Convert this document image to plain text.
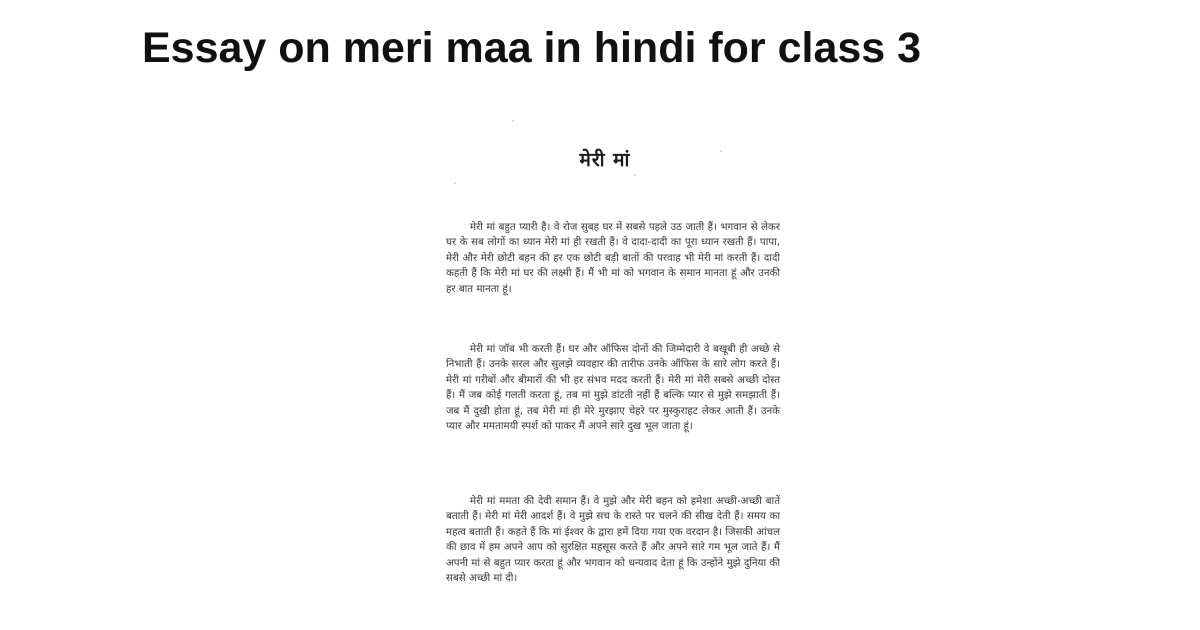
Essay on meri maa in hindi for class 3
मेरी मां

मेरी मां बहुत प्यारी है। वे रोज सुबह घर में सबसे पहले उठ जाती हैं। भगवान से लेकर घर के सब लोगों का ध्यान मेरी मां ही रखती हैं। वे दादा-दादी का पूरा ध्यान रखती हैं। पापा, मेरी और मेरी छोटी बहन की हर एक छोटी बड़ी बातों की परवाह भी मेरी मां करती हैं। दादी कहती हैं कि मेरी मां घर की लक्ष्मी हैं। मैं भी मां को भगवान के समान मानता हूं और उनकी हर बात मानता हूं।

मेरी मां जॉब भी करती हैं। घर और ऑफिस दोनों की जिम्मेदारी वे बखूबी ही अच्छे से निभाती हैं। उनके सरल और सुलझे व्यवहार की तारीफ उनके ऑफिस के सारे लोग करते हैं। मेरी मां गरीबों और बीमारों की भी हर संभव मदद करती हैं। मेरी मां मेरी सबसे अच्छी दोस्त हैं। मैं जब कोई गलती करता हूं, तब मां मुझे डांटती नहीं हैं बल्कि प्यार से मुझे समझाती हैं। जब मैं दुखी होता हूं, तब मेरी मां ही मेरे मुरझाए चेहरे पर मुस्कुराहट लेकर आती हैं। उनके प्यार और ममतामयी स्पर्श को पाकर मैं अपने सारे दुख भूल जाता हूं।

मेरी मां ममता की देवी समान हैं। वे मुझे और मेरी बहन को हमेशा अच्छी-अच्छी बातें बताती हैं। मेरी मां मेरी आदर्श हैं। वे मुझे सच के रास्ते पर चलने की सीख देती हैं। समय का महत्व बताती हैं। कहते हैं कि मां ईश्वर के द्वारा हमें दिया गया एक वरदान है। जिसकी आंचल की छाव में हम अपने आप को सुरक्षित महसूस करते हैं और अपने सारे गम भूल जाते हैं। मैं अपनी मां से बहुत प्यार करता हूं और भगवान को धन्यवाद देता हूं कि उन्होंने मुझे दुनिया की सबसे अच्छी मां दी।
